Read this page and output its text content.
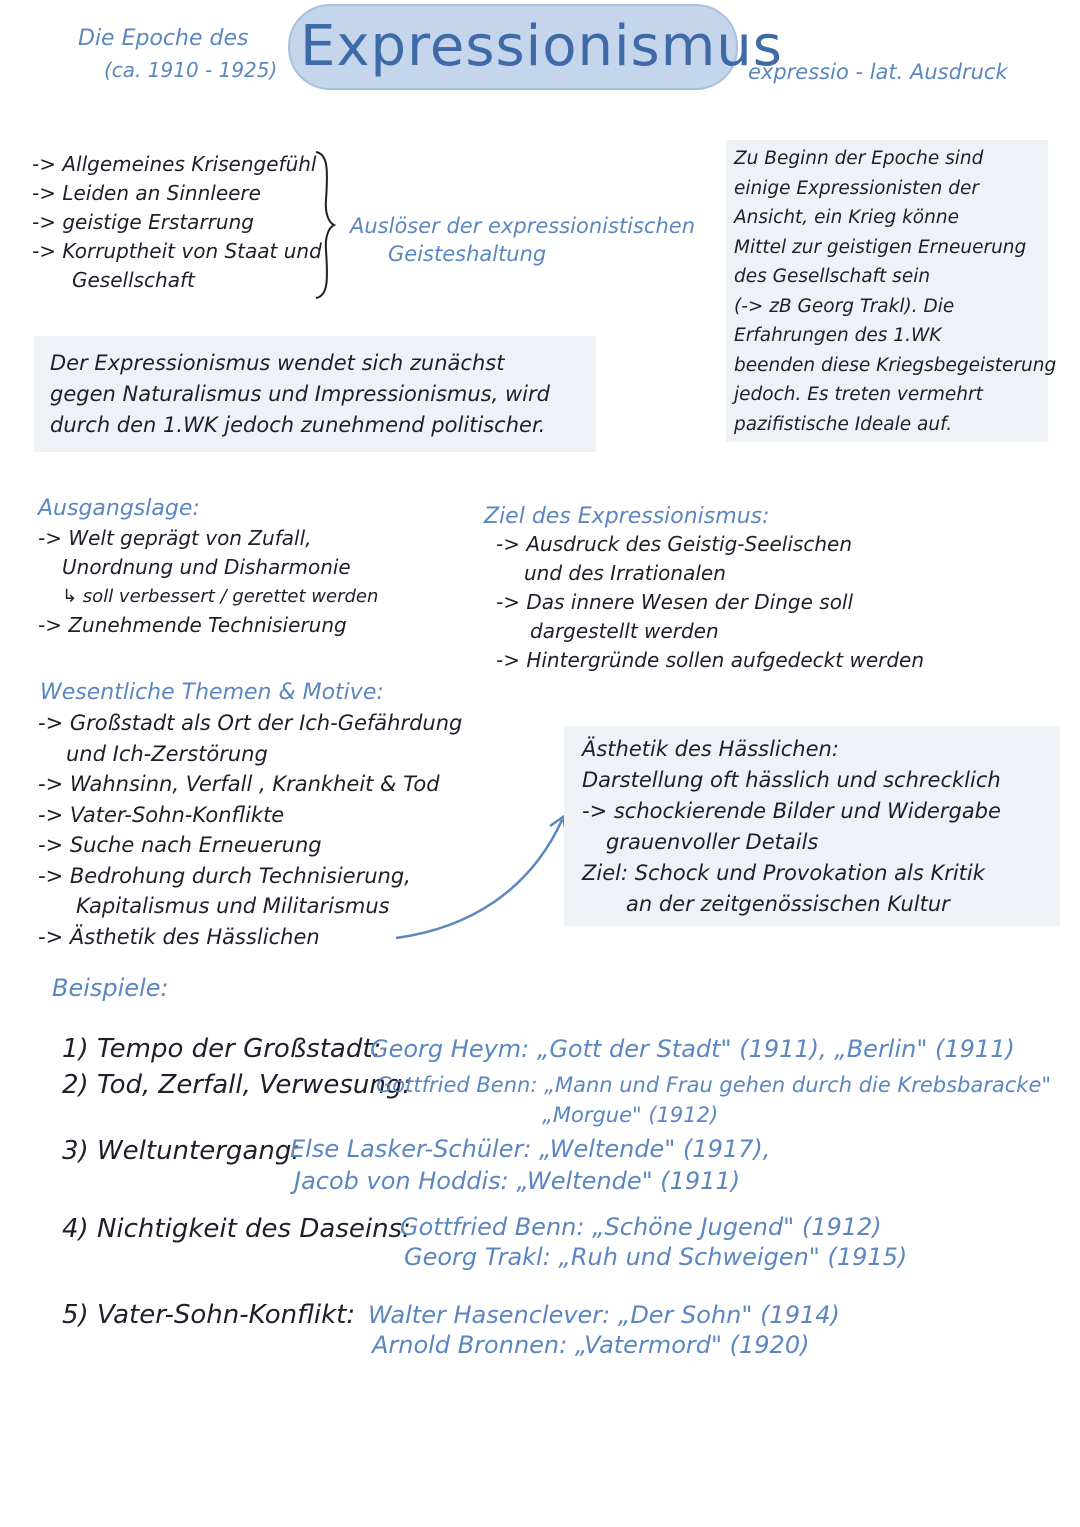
Die Epoche des
(ca. 1910 - 1925) Expressionismus
expressio - lat. Ausdruck
-> Allgemeines Krisengefühl
-> Leiden an Sinnleere
-> geistige Erstarrung
-> Korruptheit von Staat und
Gesellschaft
Auslöser der expressionistischen
Geisteshaltung
Zu Beginn der Epoche sind
einige Expressionisten der
Ansicht, ein Krieg könne
Mittel zur geistigen Erneuerung
des Gesellschaft sein
(-> zB Georg Trakl). Die
Erfahrungen des 1.WK
beenden diese Kriegsbegeisterung
jedoch. Es treten vermehrt
pazifistische Ideale auf.
Der Expressionismus wendet sich zunächst
gegen Naturalismus und Impressionismus, wird
durch den 1.WK jedoch zunehmend politischer.
Ausgangslage:
-> Welt geprägt von Zufall,
Unordnung und Disharmonie
↳ soll verbessert / gerettet werden
-> Zunehmende Technisierung
Ziel des Expressionismus:
-> Ausdruck des Geistig-Seelischen
und des Irrationalen
-> Das innere Wesen der Dinge soll
dargestellt werden
-> Hintergründe sollen aufgedeckt werden
Wesentliche Themen & Motive:
-> Großstadt als Ort der Ich-Gefährdung
und Ich-Zerstörung
-> Wahnsinn, Verfall , Krankheit & Tod
-> Vater-Sohn-Konflikte
-> Suche nach Erneuerung
-> Bedrohung durch Technisierung,
Kapitalismus und Militarismus
-> Ästhetik des Hässlichen
Ästhetik des Hässlichen:
Darstellung oft hässlich und schrecklich
-> schockierende Bilder und Widergabe
grauenvoller Details
Ziel: Schock und Provokation als Kritik
an der zeitgenössischen Kultur
Beispiele:
1) Tempo der Großstadt:
Georg Heym: „Gott der Stadt" (1911), „Berlin" (1911)
2) Tod, Zerfall, Verwesung:
Gottfried Benn: „Mann und Frau gehen durch die Krebsbaracke"
„Morgue" (1912)
3) Weltuntergang:
Else Lasker-Schüler: „Weltende" (1917),
Jacob von Hoddis: „Weltende" (1911)
4) Nichtigkeit des Daseins:
Gottfried Benn: „Schöne Jugend" (1912)
Georg Trakl: „Ruh und Schweigen" (1915)
5) Vater-Sohn-Konflikt: Walter Hasenclever: „Der Sohn" (1914)
Arnold Bronnen: „Vatermord" (1920)
